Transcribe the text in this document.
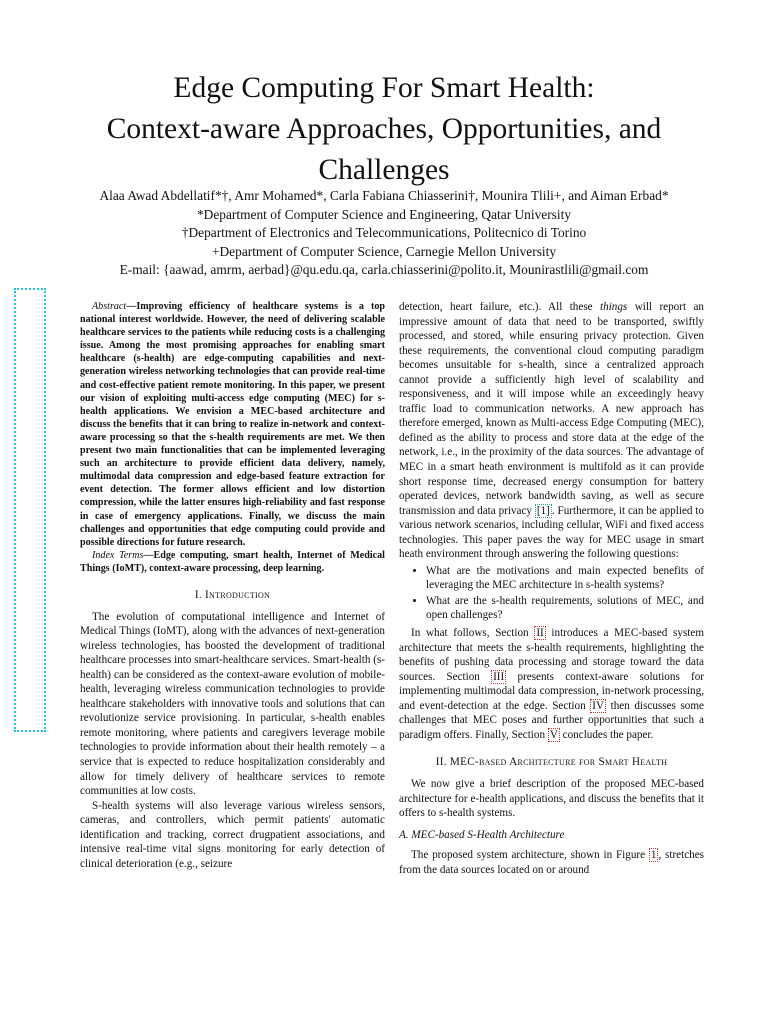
Edge Computing For Smart Health:
Context-aware Approaches, Opportunities, and
Challenges
Alaa Awad Abdellatif*†, Amr Mohamed*, Carla Fabiana Chiasserini†, Mounira Tlili+, and Aiman Erbad*
*Department of Computer Science and Engineering, Qatar University
†Department of Electronics and Telecommunications, Politecnico di Torino
+Department of Computer Science, Carnegie Mellon University
E-mail: {aawad, amrm, aerbad}@qu.edu.qa, carla.chiasserini@polito.it, Mounirastlili@gmail.com

Abstract—Improving efficiency of healthcare systems is a top national interest worldwide. However, the need of delivering scalable healthcare services to the patients while reducing costs is a challenging issue. Among the most promising approaches for enabling smart healthcare (s-health) are edge-computing capabilities and next-generation wireless networking technologies that can provide real-time and cost-effective patient remote monitoring. In this paper, we present our vision of exploiting multi-access edge computing (MEC) for s-health applications. We envision a MEC-based architecture and discuss the benefits that it can bring to realize in-network and context-aware processing so that the s-health requirements are met. We then present two main functionalities that can be implemented leveraging such an architecture to provide efficient data delivery, namely, multimodal data compression and edge-based feature extraction for event detection. The former allows efficient and low distortion compression, while the latter ensures high-reliability and fast response in case of emergency applications. Finally, we discuss the main challenges and opportunities that edge computing could provide and possible directions for future research.

Index Terms—Edge computing, smart health, Internet of Medical Things (IoMT), context-aware processing, deep learning.

I. Introduction

The evolution of computational intelligence and Internet of Medical Things (IoMT), along with the advances of next-generation wireless technologies, has boosted the development of traditional healthcare processes into smart-healthcare services. Smart-health (s-health) can be considered as the context-aware evolution of mobile-health, leveraging wireless communication technologies to provide healthcare stakeholders with innovative tools and solutions that can revolutionize service provisioning. In particular, s-health enables remote monitoring, where patients and caregivers leverage mobile technologies to provide information about their health remotely – a service that is expected to reduce hospitalization considerably and allow for timely delivery of healthcare services to remote communities at low costs.

S-health systems will also leverage various wireless sensors, cameras, and controllers, which permit patients' automatic identification and tracking, correct drugpatient associations, and intensive real-time vital signs monitoring for early detection of clinical deterioration (e.g., seizure

detection, heart failure, etc.). All these things will report an impressive amount of data that need to be transported, swiftly processed, and stored, while ensuring privacy protection. Given these requirements, the conventional cloud computing paradigm becomes unsuitable for s-health, since a centralized approach cannot provide a sufficiently high level of scalability and responsiveness, and it will impose while an exceedingly heavy traffic load to communication networks. A new approach has therefore emerged, known as Multi-access Edge Computing (MEC), defined as the ability to process and store data at the edge of the network, i.e., in the proximity of the data sources. The advantage of MEC in a smart heath environment is multifold as it can provide short response time, decreased energy consumption for battery operated devices, network bandwidth saving, as well as secure transmission and data privacy [1] . Furthermore, it can be applied to various network scenarios, including cellular, WiFi and fixed access technologies. This paper paves the way for MEC usage in smart heath environment through answering the following questions:

• What are the motivations and main expected benefits of leveraging the MEC architecture in s-health systems?
• What are the s-health requirements, solutions of MEC, and open challenges?

In what follows, Section II introduces a MEC-based system architecture that meets the s-health requirements, highlighting the benefits of pushing data processing and storage toward the data sources. Section III presents context-aware solutions for implementing multimodal data compression, in-network processing, and event-detection at the edge. Section IV then discusses some challenges that MEC poses and further opportunities that such a paradigm offers. Finally, Section V concludes the paper.

II. MEC-based Architecture for Smart Health

We now give a brief description of the proposed MEC-based architecture for e-health applications, and discuss the benefits that it offers to s-health systems.

A. MEC-based S-Health Architecture

The proposed system architecture, shown in Figure 1 , stretches from the data sources located on or around
